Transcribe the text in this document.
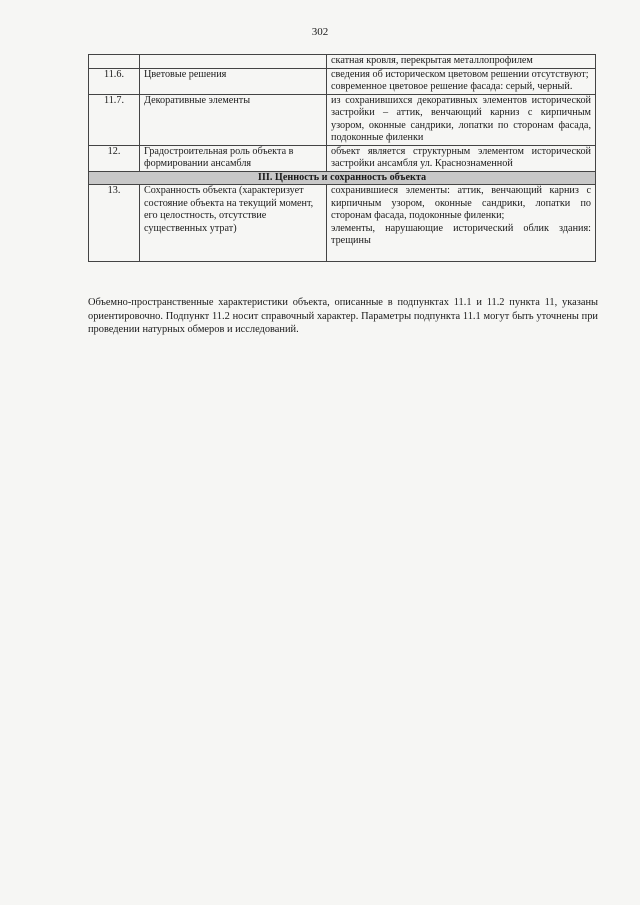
302

		скатная кровля, перекрытая металлопрофилем

11.6.	Цветовые решения	сведения об историческом цветовом решении отсутствуют;
современное цветовое решение фасада: серый, черный.

11.7.	Декоративные элементы	из сохранившихся декоративных элементов исторической застройки – аттик, венчающий карниз с кирпичным узором, оконные сандрики, лопатки по сторонам фасада, подоконные филенки

12.	Градостроительная роль объекта в формировании ансамбля	объект является структурным элементом исторической застройки ансамбля ул. Краснознаменной

III. Ценность и сохранность объекта		
13.	Сохранность объекта (характеризует состояние объекта на текущий момент, его целостность, отсутствие существенных утрат)	сохранившиеся элементы: аттик, венчающий карниз с кирпичным узором, оконные сандрики, лопатки по сторонам фасада, подоконные филенки;
элементы, нарушающие исторический облик здания: трещины
Объемно-пространственные характеристики объекта, описанные в подпунктах 11.1 и 11.2 пункта 11, указаны ориентировочно. Подпункт 11.2 носит справочный характер. Параметры подпункта 11.1 могут быть уточнены при проведении натурных обмеров и исследований.
